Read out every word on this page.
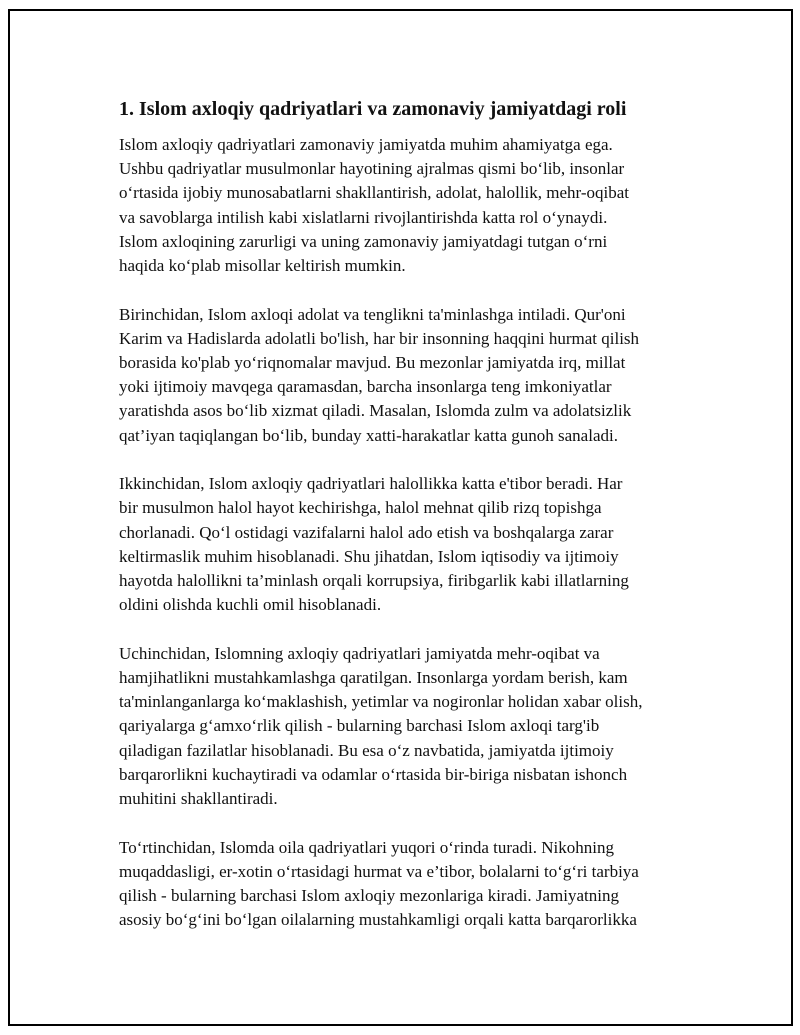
1. Islom axloqiy qadriyatlari va zamonaviy jamiyatdagi roli

Islom axloqiy qadriyatlari zamonaviy jamiyatda muhim ahamiyatga ega.
Ushbu qadriyatlar musulmonlar hayotining ajralmas qismi bo‘lib, insonlar
o‘rtasida ijobiy munosabatlarni shakllantirish, adolat, halollik, mehr-oqibat
va savoblarga intilish kabi xislatlarni rivojlantirishda katta rol o‘ynaydi.
Islom axloqining zarurligi va uning zamonaviy jamiyatdagi tutgan o‘rni
haqida ko‘plab misollar keltirish mumkin.

Birinchidan, Islom axloqi adolat va tenglikni ta'minlashga intiladi. Qur'oni
Karim va Hadislarda adolatli bo'lish, har bir insonning haqqini hurmat qilish
borasida ko'plab yo‘riqnomalar mavjud. Bu mezonlar jamiyatda irq, millat
yoki ijtimoiy mavqega qaramasdan, barcha insonlarga teng imkoniyatlar
yaratishda asos bo‘lib xizmat qiladi. Masalan, Islomda zulm va adolatsizlik
qat’iyan taqiqlangan bo‘lib, bunday xatti-harakatlar katta gunoh sanaladi.

Ikkinchidan, Islom axloqiy qadriyatlari halollikka katta e'tibor beradi. Har
bir musulmon halol hayot kechirishga, halol mehnat qilib rizq topishga
chorlanadi. Qo‘l ostidagi vazifalarni halol ado etish va boshqalarga zarar
keltirmaslik muhim hisoblanadi. Shu jihatdan, Islom iqtisodiy va ijtimoiy
hayotda halollikni ta’minlash orqali korrupsiya, firibgarlik kabi illatlarning
oldini olishda kuchli omil hisoblanadi.

Uchinchidan, Islomning axloqiy qadriyatlari jamiyatda mehr-oqibat va
hamjihatlikni mustahkamlashga qaratilgan. Insonlarga yordam berish, kam
ta'minlanganlarga ko‘maklashish, yetimlar va nogironlar holidan xabar olish,
qariyalarga g‘amxo‘rlik qilish - bularning barchasi Islom axloqi targ'ib
qiladigan fazilatlar hisoblanadi. Bu esa o‘z navbatida, jamiyatda ijtimoiy
barqarorlikni kuchaytiradi va odamlar o‘rtasida bir-biriga nisbatan ishonch
muhitini shakllantiradi.

To‘rtinchidan, Islomda oila qadriyatlari yuqori o‘rinda turadi. Nikohning
muqaddasligi, er-xotin o‘rtasidagi hurmat va e’tibor, bolalarni to‘g‘ri tarbiya
qilish - bularning barchasi Islom axloqiy mezonlariga kiradi. Jamiyatning
asosiy bo‘g‘ini bo‘lgan oilalarning mustahkamligi orqali katta barqarorlikka
